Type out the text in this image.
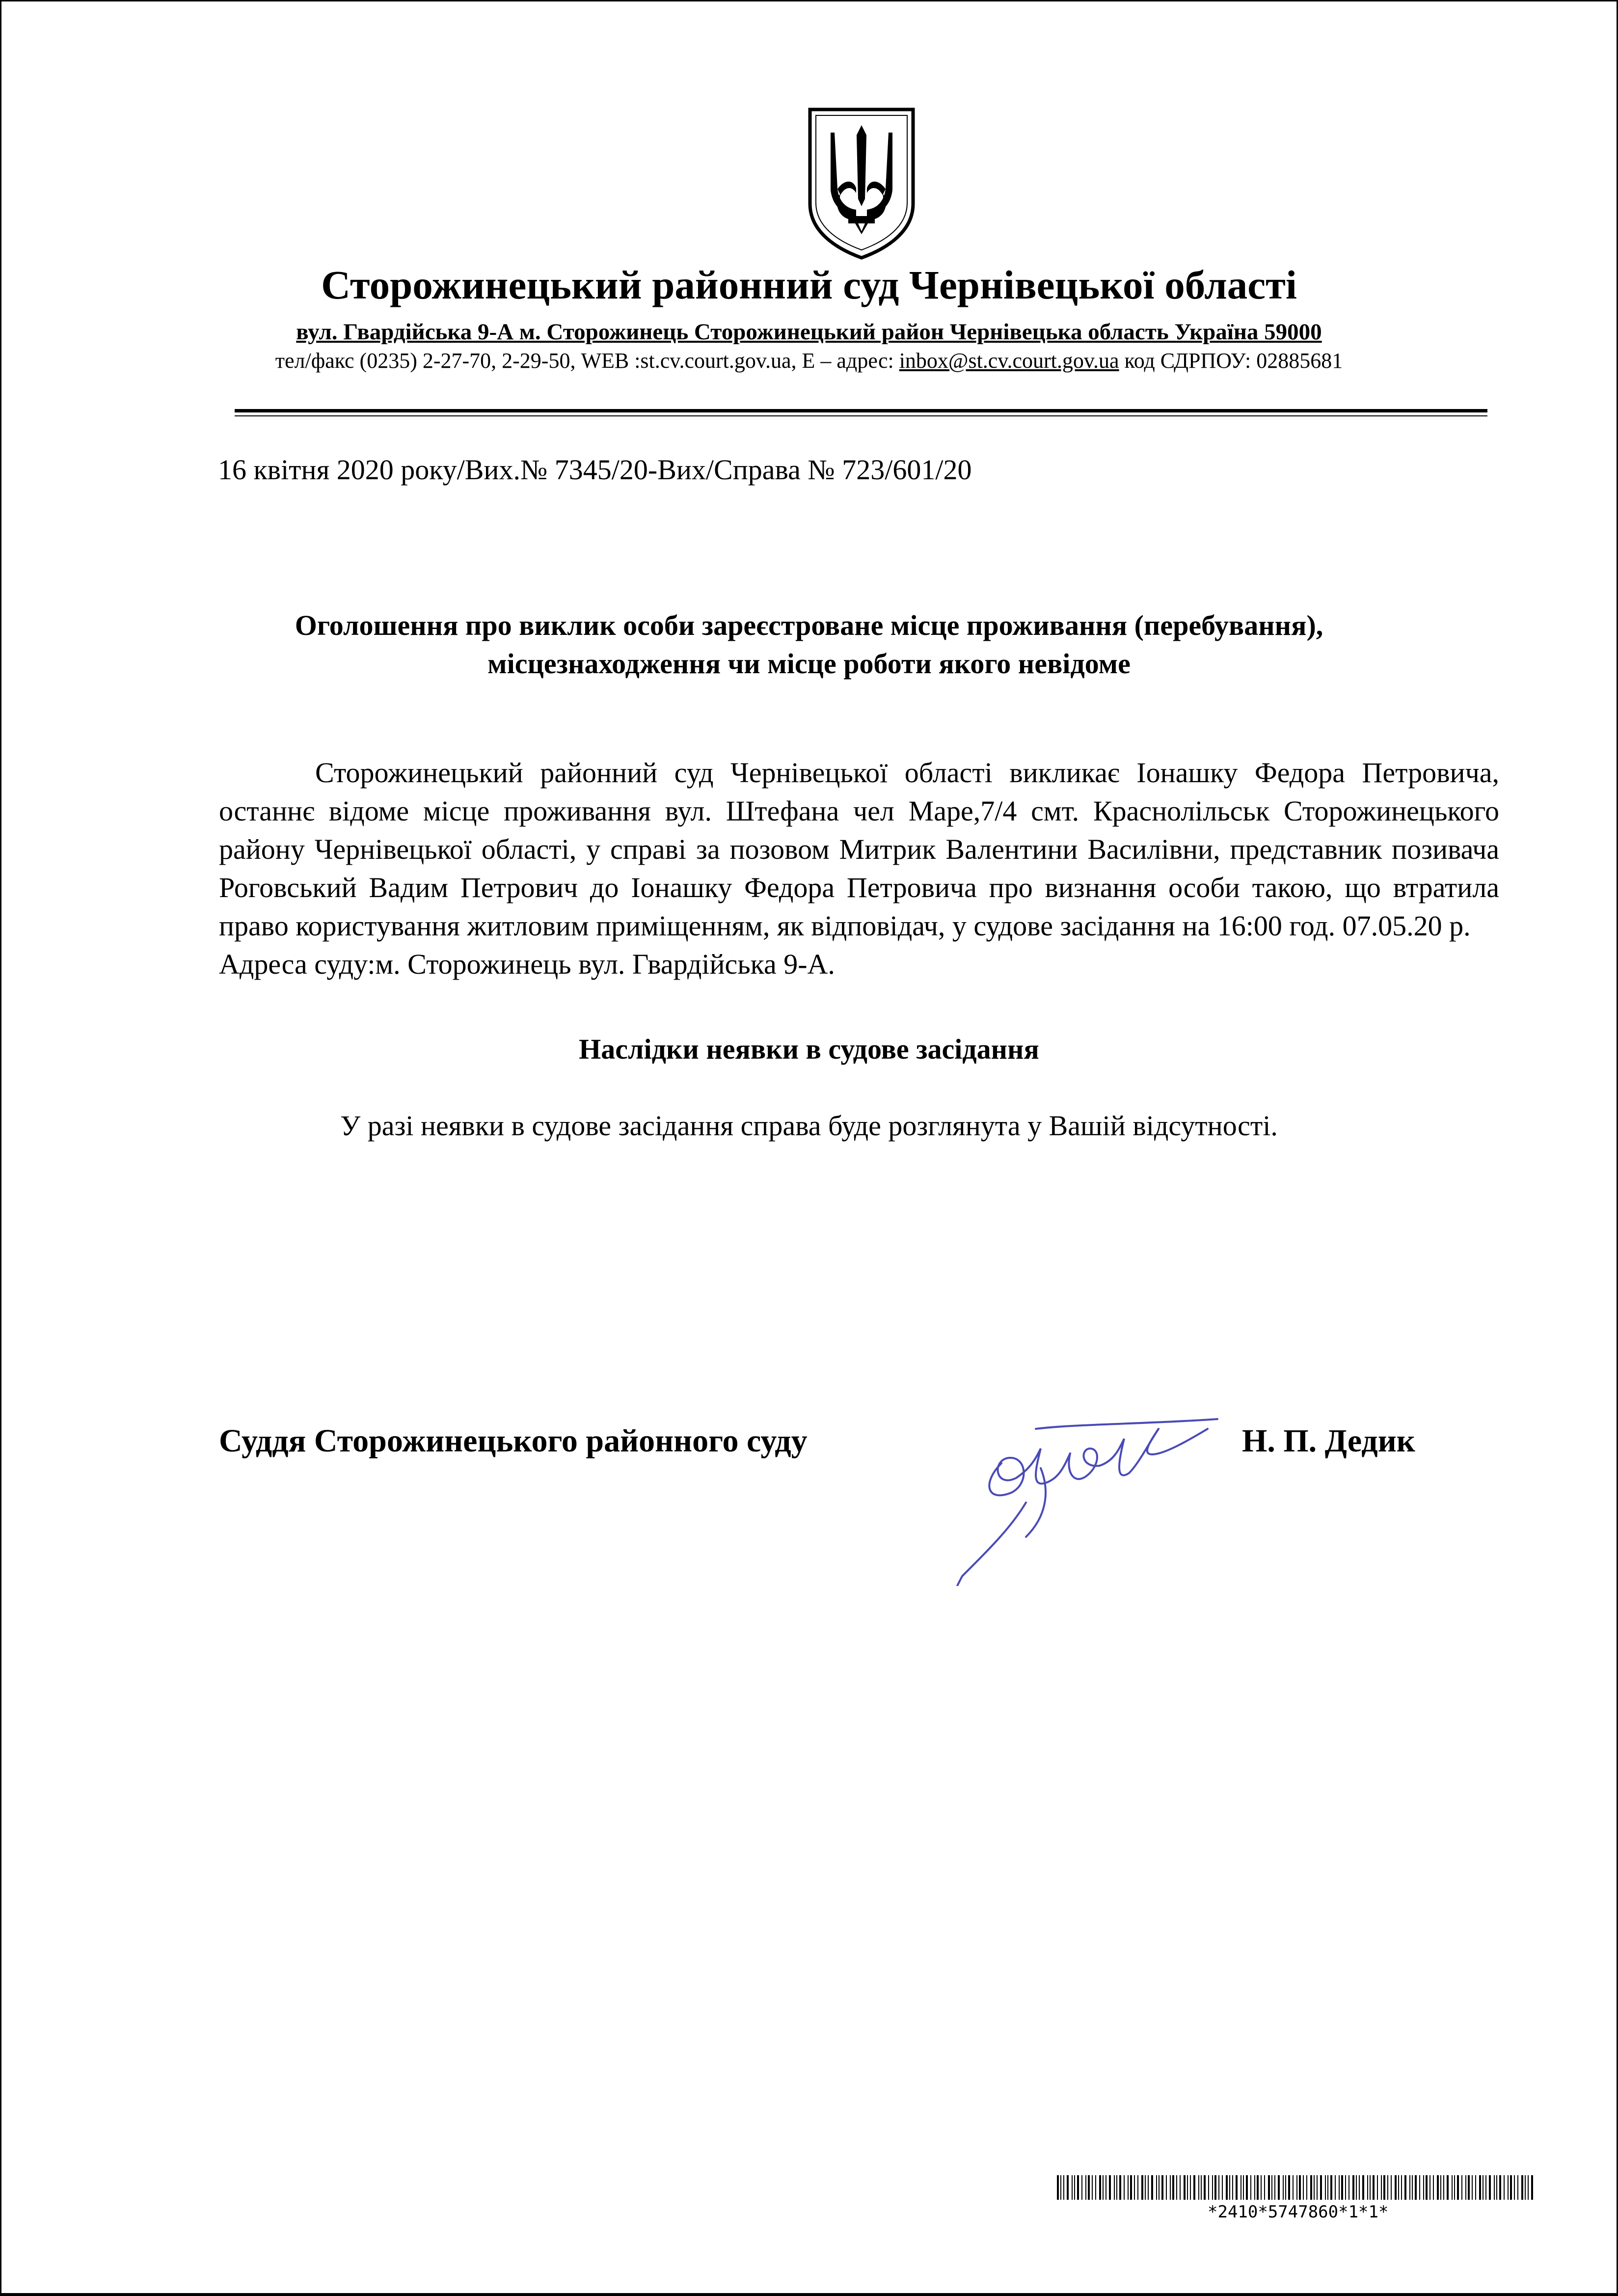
Сторожинецький районний суд Чернівецької області
вул. Гвардійська 9-А м. Сторожинець Сторожинецький район Чернівецька область Україна 59000
тел/факс (0235) 2-27-70, 2-29-50, WEB :st.cv.court.gov.ua, Е – адрес: inbox@st.cv.court.gov.ua код СДРПОУ: 02885681
16 квітня 2020 року/Вих.№ 7345/20-Вих/Справа № 723/601/20
Оголошення про виклик особи зареєстроване місце проживання (перебування),
місцезнаходження чи місце роботи якого невідоме

Сторожинецький районний суд Чернівецької області викликає Іонашку Федора Петровича, останнє відоме місце проживання вул. Штефана чел Маре,7/4 смт. Краснолільськ Сторожинецького району Чернівецької області, у справі за позовом Митрик Валентини Василівни, представник позивача Роговський Вадим Петрович до Іонашку Федора Петровича про визнання особи такою, що втратила право користування житловим приміщенням, як відповідач, у судове засідання на 16:00 год. 07.05.20 р.

Адреса суду:м. Сторожинець вул. Гвардійська 9-А.
Наслідки неявки в судове засідання
У разі неявки в судове засідання справа буде розглянута у Вашій відсутності.
Суддя Сторожинецького районного суду	Н. П. Дедик
*2410*5747860*1*1*
